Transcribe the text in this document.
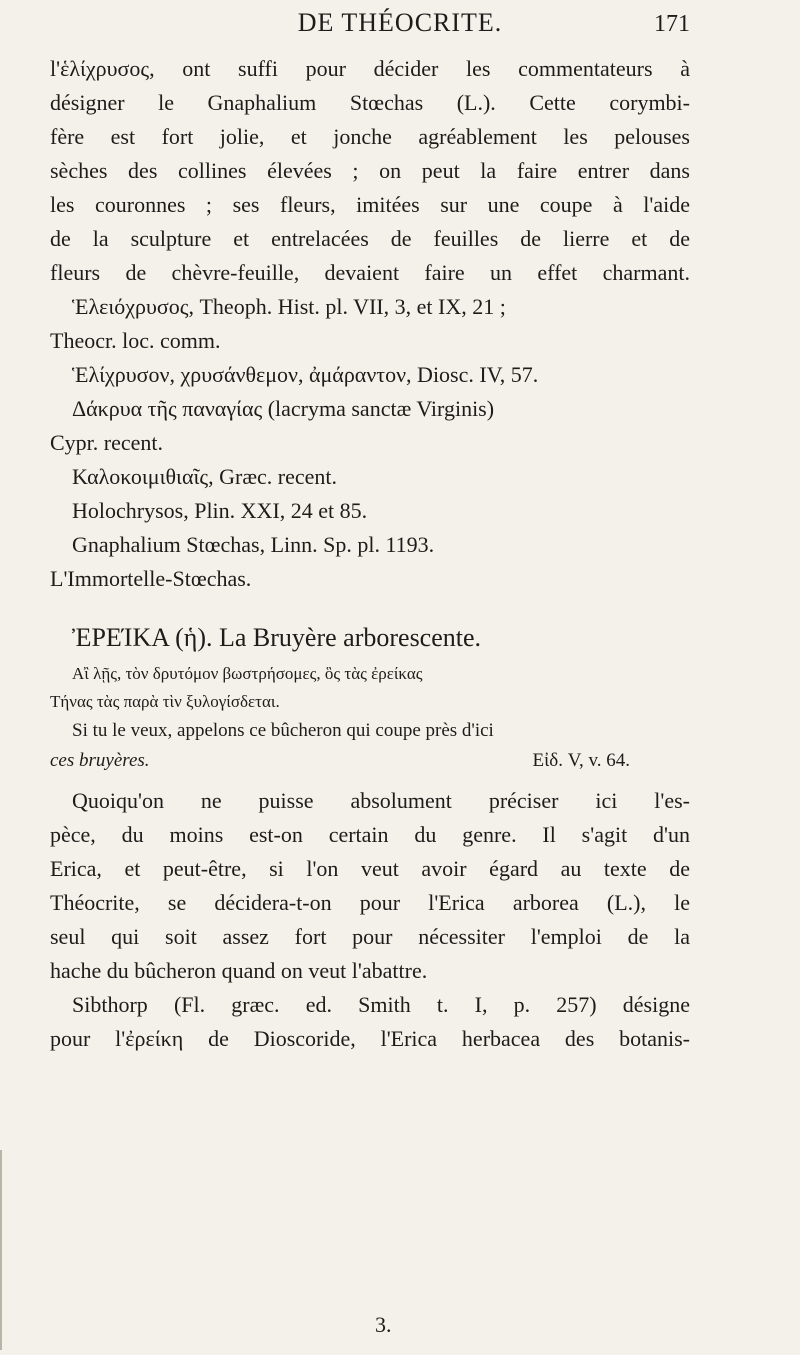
DE THÉOCRITE.	171
l'ἑλίχρυσος, ont suffi pour décider les commentateurs à
désigner le Gnaphalium Stœchas (L.). Cette corymbi-
fère est fort jolie, et jonche agréablement les pelouses
sèches des collines élevées ; on peut la faire entrer dans
les couronnes ; ses fleurs, imitées sur une coupe à l'aide
de la sculpture et entrelacées de feuilles de lierre et de
fleurs de chèvre-feuille, devaient faire un effet charmant.
Ἑλειόχρυσος, Theoph. Hist. pl. VII, 3, et IX, 21 ;
Theocr. loc. comm.
Ἑλίχρυσον, χρυσάνθεμον, ἀμάραντον, Diosc. IV, 57.
Δάκρυα τῆς παναγίας (lacryma sanctæ Virginis)
Cypr. recent.
Καλοκοιμιθιαῖς, Græc. recent.
Holochrysos, Plin. XXI, 24 et 85.
Gnaphalium Stœchas, Linn. Sp. pl. 1193.
L'Immortelle-Stœchas.
ἘΡΕΊΚΑ (ἡ). La Bruyère arborescente.
Αἲ λῇς, τὸν δρυτόμον βωστρήσομες, ὃς τὰς ἐρείκας
Τήνας τὰς παρὰ τὶν ξυλογίσδεται.
Si tu le veux, appelons ce bûcheron qui coupe près d'ici
ces bruyères.	Εἰδ. V, v. 64.
Quoiqu'on ne puisse absolument préciser ici l'es-
pèce, du moins est-on certain du genre. Il s'agit d'un
Erica, et peut-être, si l'on veut avoir égard au texte de
Théocrite, se décidera-t-on pour l'Erica arborea (L.), le
seul qui soit assez fort pour nécessiter l'emploi de la
hache du bûcheron quand on veut l'abattre.
Sibthorp (Fl. græc. ed. Smith t. I, p. 257) désigne
pour l'ἐρείκη de Dioscoride, l'Erica herbacea des botanis-
3.
